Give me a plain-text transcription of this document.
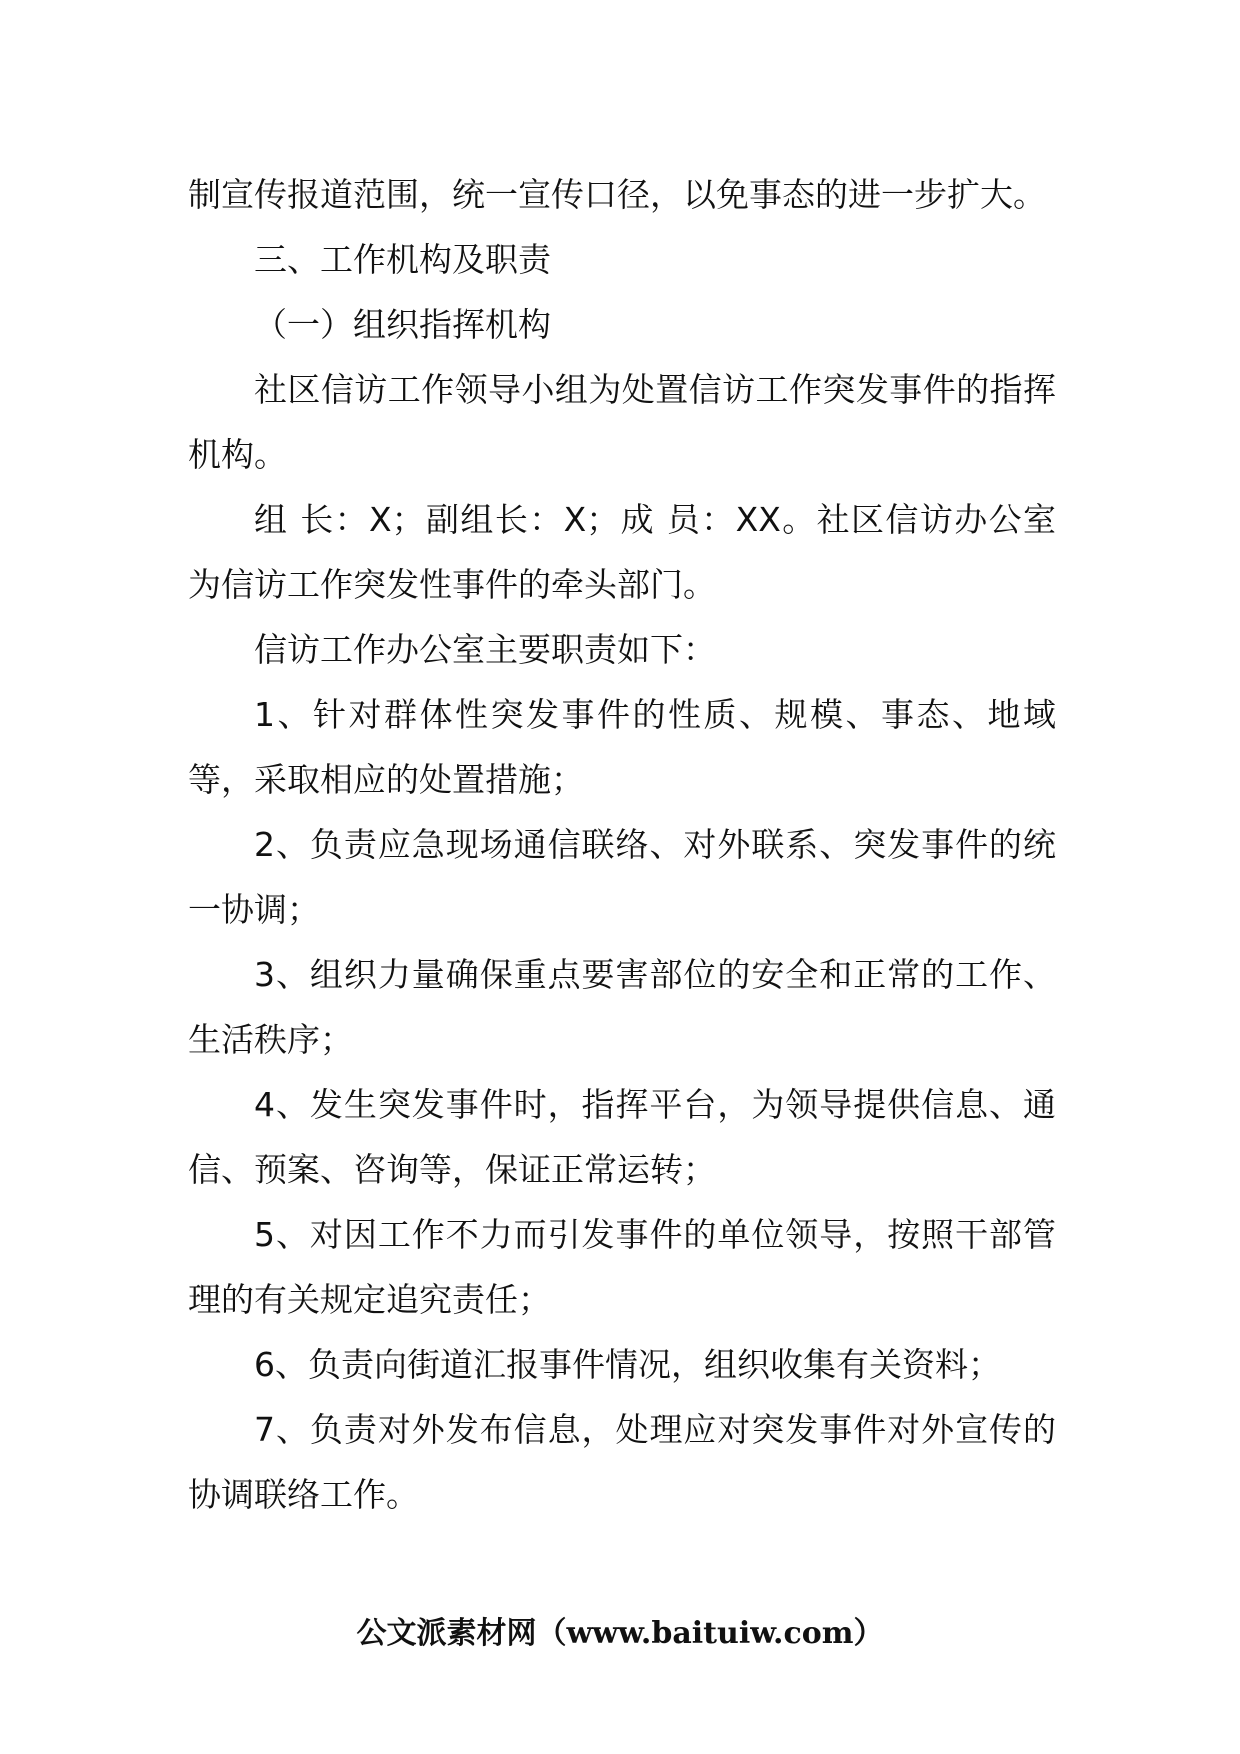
制宣传报道范围，统一宣传口径，以免事态的进一步扩大。

三、工作机构及职责

（一）组织指挥机构

社区信访工作领导小组为处置信访工作突发事件的指挥机构。

组 长：X；副组长：X；成 员：XX。社区信访办公室为信访工作突发性事件的牵头部门。

信访工作办公室主要职责如下：

1、针对群体性突发事件的性质、规模、事态、地域等，采取相应的处置措施；

2、负责应急现场通信联络、对外联系、突发事件的统一协调；

3、组织力量确保重点要害部位的安全和正常的工作、生活秩序；

4、发生突发事件时，指挥平台，为领导提供信息、通信、预案、咨询等，保证正常运转；

5、对因工作不力而引发事件的单位领导，按照干部管理的有关规定追究责任；

6、负责向街道汇报事件情况，组织收集有关资料；

7、负责对外发布信息，处理应对突发事件对外宣传的协调联络工作。

公文派素材网（www.baituiw.com）
